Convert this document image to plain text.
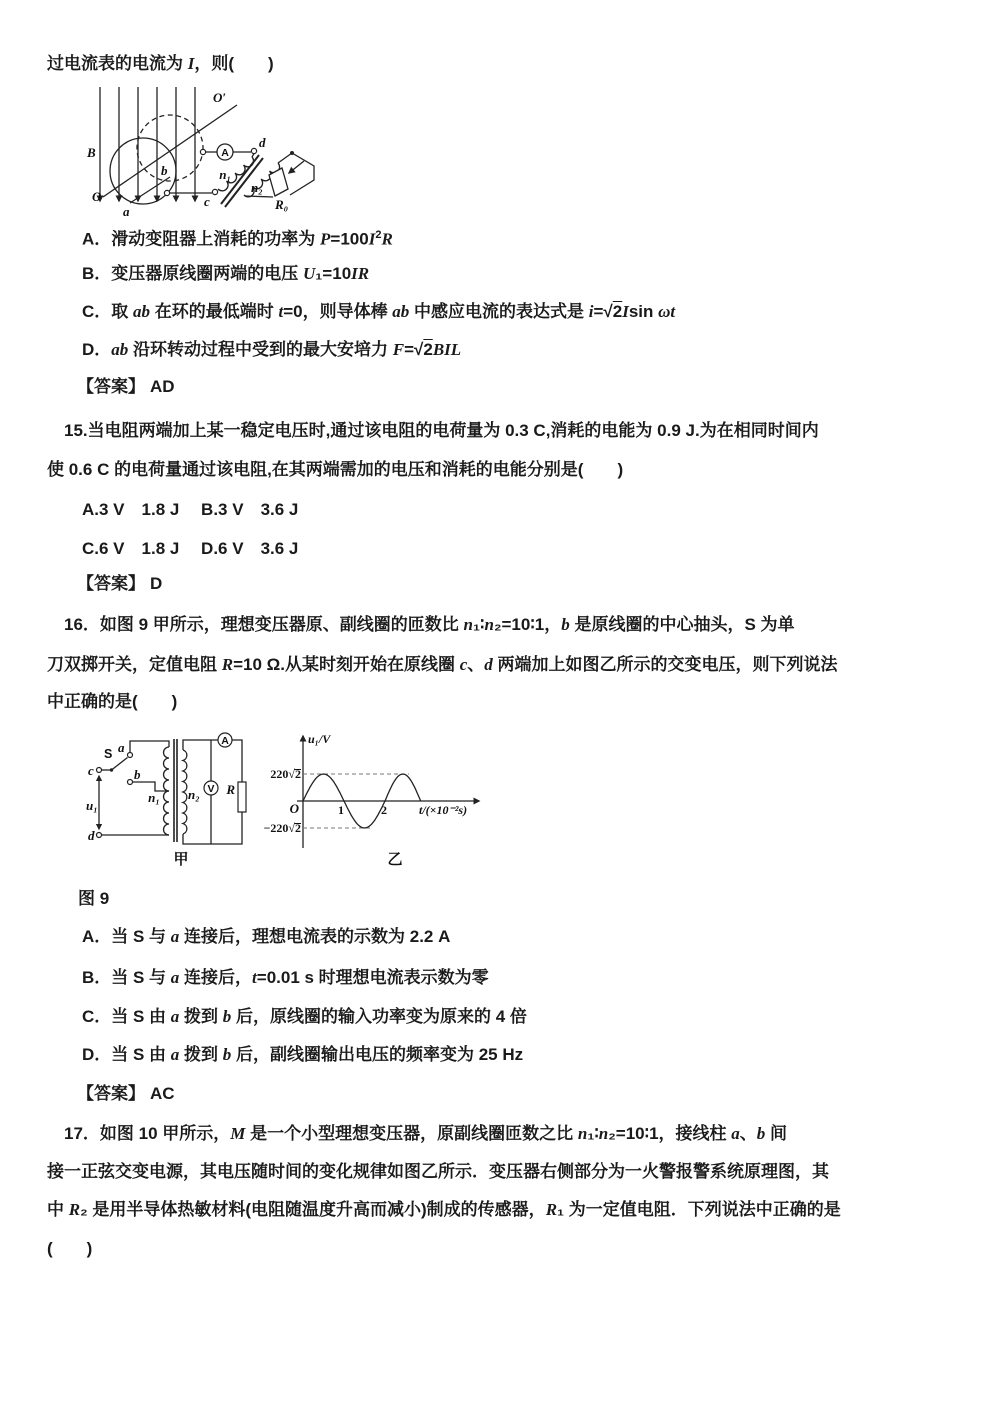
过电流表的电流为 I，则(　　)
B
O
O′
a
b
A
d
c
n₁
n₂
R₀
A．滑动变阻器上消耗的功率为 $P=100I^2R$
B．变压器原线圈两端的电压 U₁=10IR
C．取 ab 在环的最低端时 t=0，则导体棒 ab 中感应电流的表达式是 i=√2Isin ωt
D．ab 沿环转动过程中受到的最大安培力 F=√2BIL
【答案】 AD
15.当电阻两端加上某一稳定电压时,通过该电阻的电荷量为 0.3 C,消耗的电能为 0.9 J.为在相同时间内
使 0.6 C 的电荷量通过该电阻,在其两端需加的电压和消耗的电能分别是(　　)
A.3 V　1.8 J　 B.3 V　3.6 J
C.6 V　1.8 J　 D.6 V　3.6 J
【答案】 D
16．如图 9 甲所示，理想变压器原、副线圈的匝数比 n₁∶n₂=10∶1，b 是原线圈的中心抽头，S 为单
刀双掷开关，定值电阻 R=10 Ω.从某时刻开始在原线圈 c、d 两端加上如图乙所示的交变电压，则下列说法
中正确的是(　　)
c
S a
b
u₁
d
n₁ n₂
A
R
V
甲
u₁/V
220√2
−220√2
O	1	2	t/(×10⁻²s)
乙
图 9
A．当 S 与 a 连接后，理想电流表的示数为 2.2 A
B．当 S 与 a 连接后，t=0.01 s 时理想电流表示数为零
C．当 S 由 a 拨到 b 后，原线圈的输入功率变为原来的 4 倍
D．当 S 由 a 拨到 b 后，副线圈输出电压的频率变为 25 Hz
【答案】 AC
17．如图 10 甲所示，M 是一个小型理想变压器，原副线圈匝数之比 n₁∶n₂=10∶1，接线柱 a、b 间
接一正弦交变电源，其电压随时间的变化规律如图乙所示．变压器右侧部分为一火警报警系统原理图，其
中 R₂ 是用半导体热敏材料(电阻随温度升高而减小)制成的传感器，R₁ 为一定值电阻．下列说法中正确的是
(　　)
